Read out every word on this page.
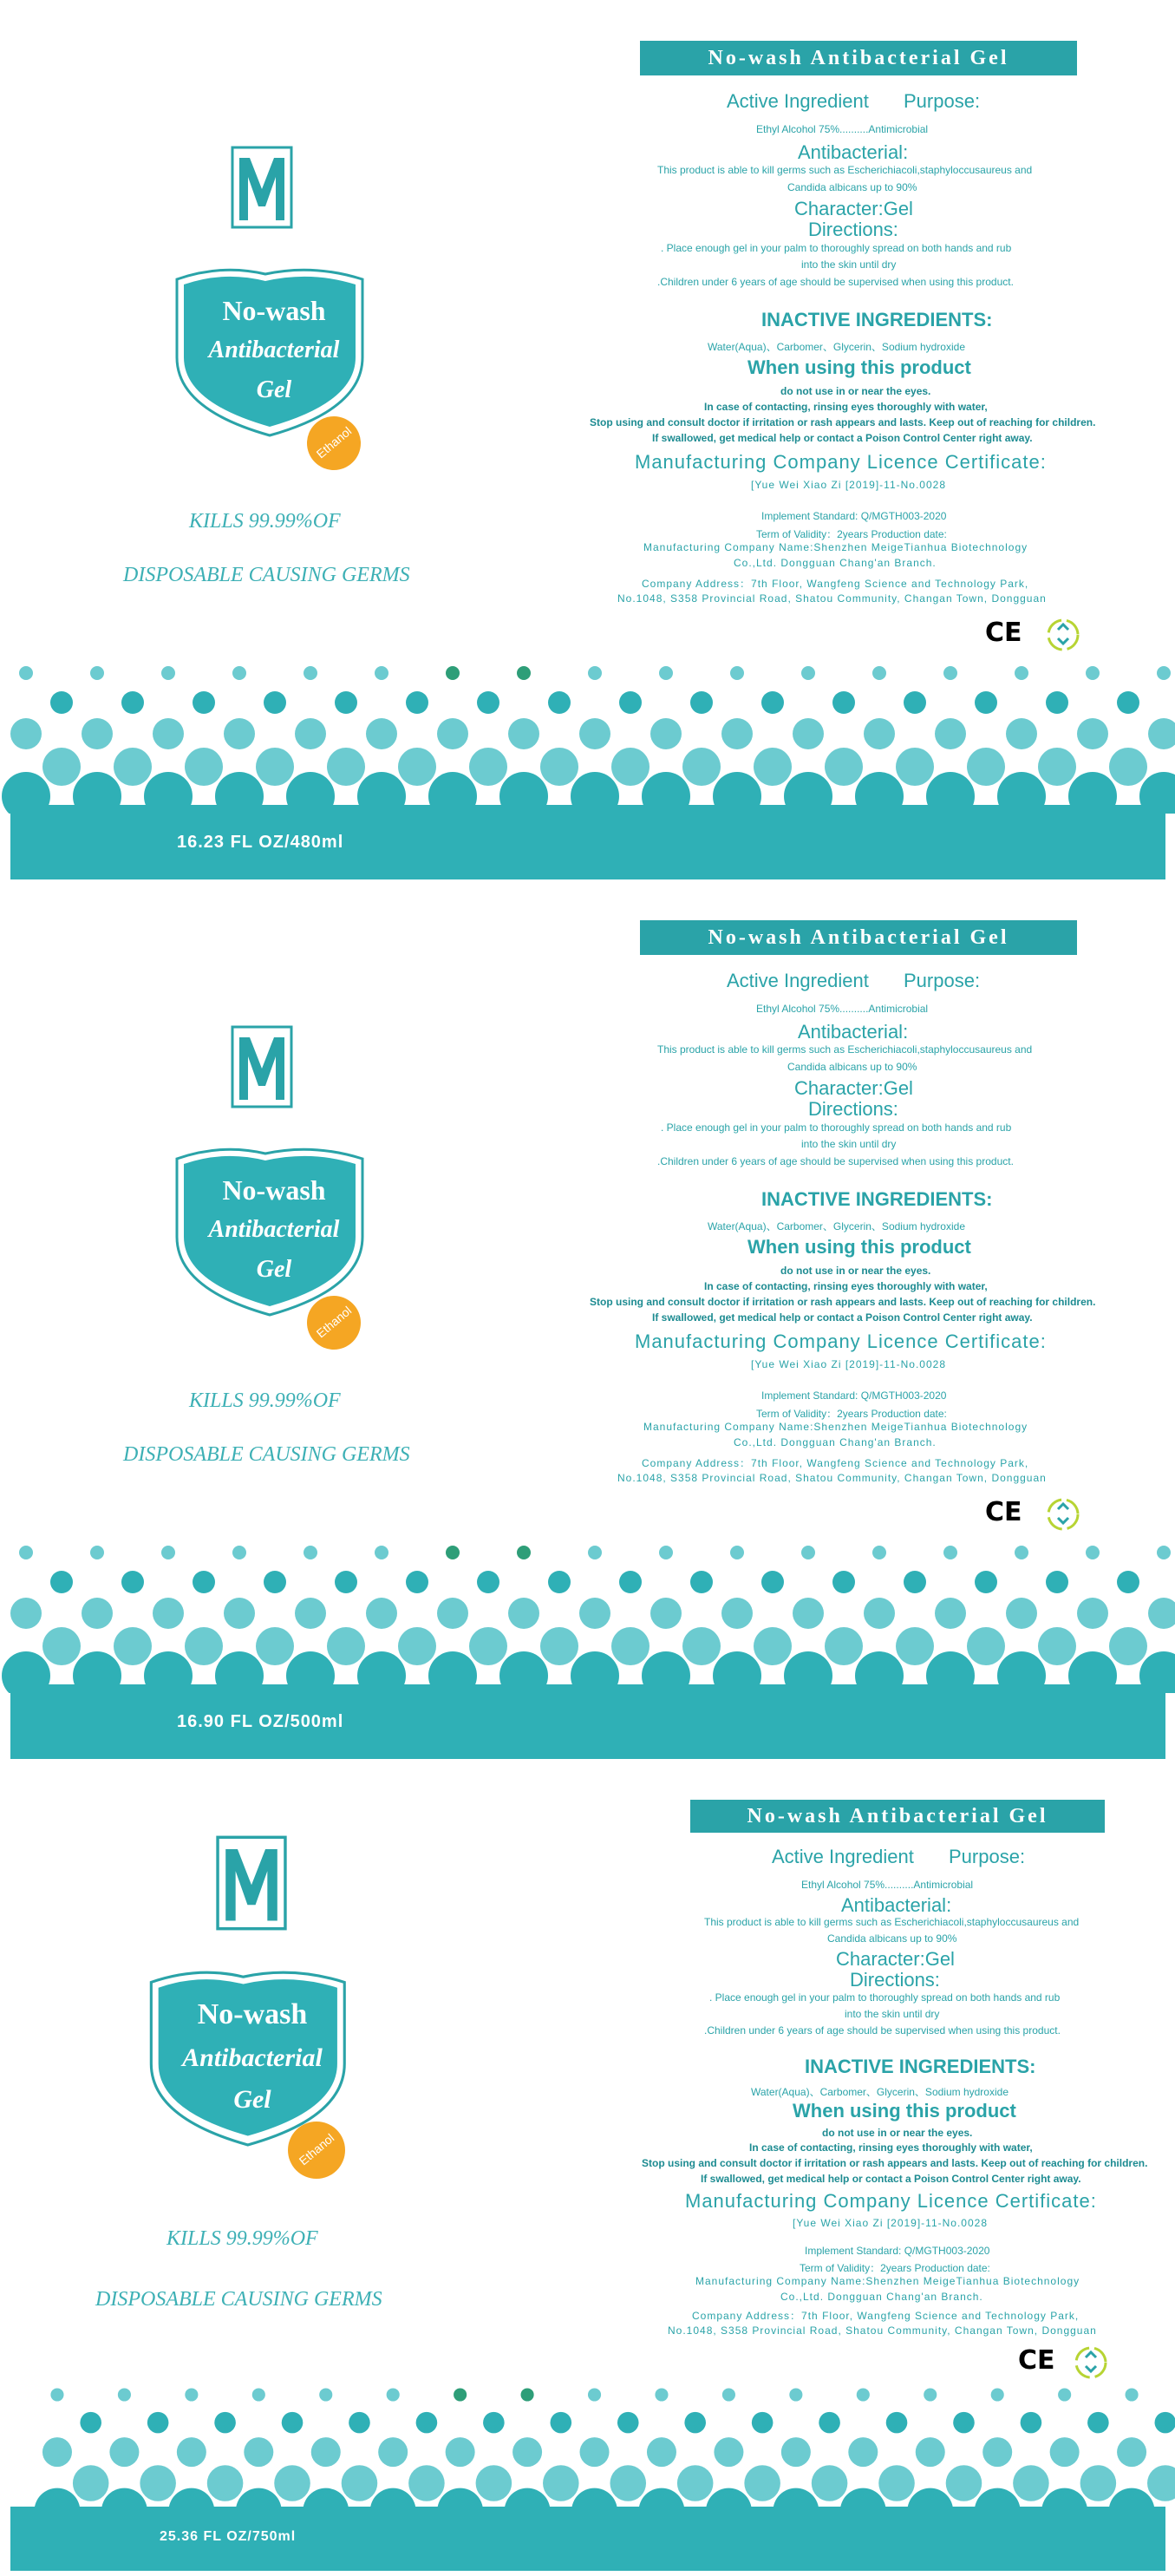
No-wash
Antibacterial
Gel
Ethanol
KILLS 99.99%OF
DISPOSABLE CAUSING GERMS
No-wash Antibacterial Gel
Active Ingredient Purpose:
Ethyl Alcohol 75%..........Antimicrobial
Antibacterial:
This product is able to kill germs such as Escherichiacoli,staphyloccusaureus and
Candida albicans up to 90%
Character:Gel
Directions:
. Place enough gel in your palm to thoroughly spread on both hands and rub
into the skin until dry
.Children under 6 years of age should be supervised when using this product.
INACTIVE INGREDIENTS:
Water(Aqua)、Carbomer、Glycerin、Sodium hydroxide
When using this product
do not use in or near the eyes.
In case of contacting, rinsing eyes thoroughly with water,
Stop using and consult doctor if irritation or rash appears and lasts. Keep out of reaching for children.
If swallowed, get medical help or contact a Poison Control Center right away.
Manufacturing Company Licence Certificate:
[Yue Wei Xiao Zi [2019]-11-No.0028
Implement Standard: Q/MGTH003-2020
Term of Validity：2years Production date:
Manufacturing Company Name:Shenzhen MeigeTianhua Biotechnology
Co.,Ltd. Dongguan Chang'an Branch.
Company Address：7th Floor, Wangfeng Science and Technology Park,
No.1048, S358 Provincial Road, Shatou Community, Changan Town, Dongguan
CE
16.23 FL OZ/480ml
No-wash
Antibacterial
Gel
Ethanol
KILLS 99.99%OF
DISPOSABLE CAUSING GERMS
No-wash Antibacterial Gel
Active Ingredient Purpose:
Ethyl Alcohol 75%..........Antimicrobial
Antibacterial:
This product is able to kill germs such as Escherichiacoli,staphyloccusaureus and
Candida albicans up to 90%
Character:Gel
Directions:
. Place enough gel in your palm to thoroughly spread on both hands and rub
into the skin until dry
.Children under 6 years of age should be supervised when using this product.
INACTIVE INGREDIENTS:
Water(Aqua)、Carbomer、Glycerin、Sodium hydroxide
When using this product
do not use in or near the eyes.
In case of contacting, rinsing eyes thoroughly with water,
Stop using and consult doctor if irritation or rash appears and lasts. Keep out of reaching for children.
If swallowed, get medical help or contact a Poison Control Center right away.
Manufacturing Company Licence Certificate:
[Yue Wei Xiao Zi [2019]-11-No.0028
Implement Standard: Q/MGTH003-2020
Term of Validity：2years Production date:
Manufacturing Company Name:Shenzhen MeigeTianhua Biotechnology
Co.,Ltd. Dongguan Chang'an Branch.
Company Address：7th Floor, Wangfeng Science and Technology Park,
No.1048, S358 Provincial Road, Shatou Community, Changan Town, Dongguan
CE
16.90 FL OZ/500ml
No-wash
Antibacterial
Gel
Ethanol
KILLS 99.99%OF
DISPOSABLE CAUSING GERMS
No-wash Antibacterial Gel
Active Ingredient Purpose:
Ethyl Alcohol 75%..........Antimicrobial
Antibacterial:
This product is able to kill germs such as Escherichiacoli,staphyloccusaureus and
Candida albicans up to 90%
Character:Gel
Directions:
. Place enough gel in your palm to thoroughly spread on both hands and rub
into the skin until dry
.Children under 6 years of age should be supervised when using this product.
INACTIVE INGREDIENTS:
Water(Aqua)、Carbomer、Glycerin、Sodium hydroxide
When using this product
do not use in or near the eyes.
In case of contacting, rinsing eyes thoroughly with water,
Stop using and consult doctor if irritation or rash appears and lasts. Keep out of reaching for children.
If swallowed, get medical help or contact a Poison Control Center right away.
Manufacturing Company Licence Certificate:
[Yue Wei Xiao Zi [2019]-11-No.0028
Implement Standard: Q/MGTH003-2020
Term of Validity：2years Production date:
Manufacturing Company Name:Shenzhen MeigeTianhua Biotechnology
Co.,Ltd. Dongguan Chang'an Branch.
Company Address：7th Floor, Wangfeng Science and Technology Park,
No.1048, S358 Provincial Road, Shatou Community, Changan Town, Dongguan
CE
25.36 FL OZ/750ml
